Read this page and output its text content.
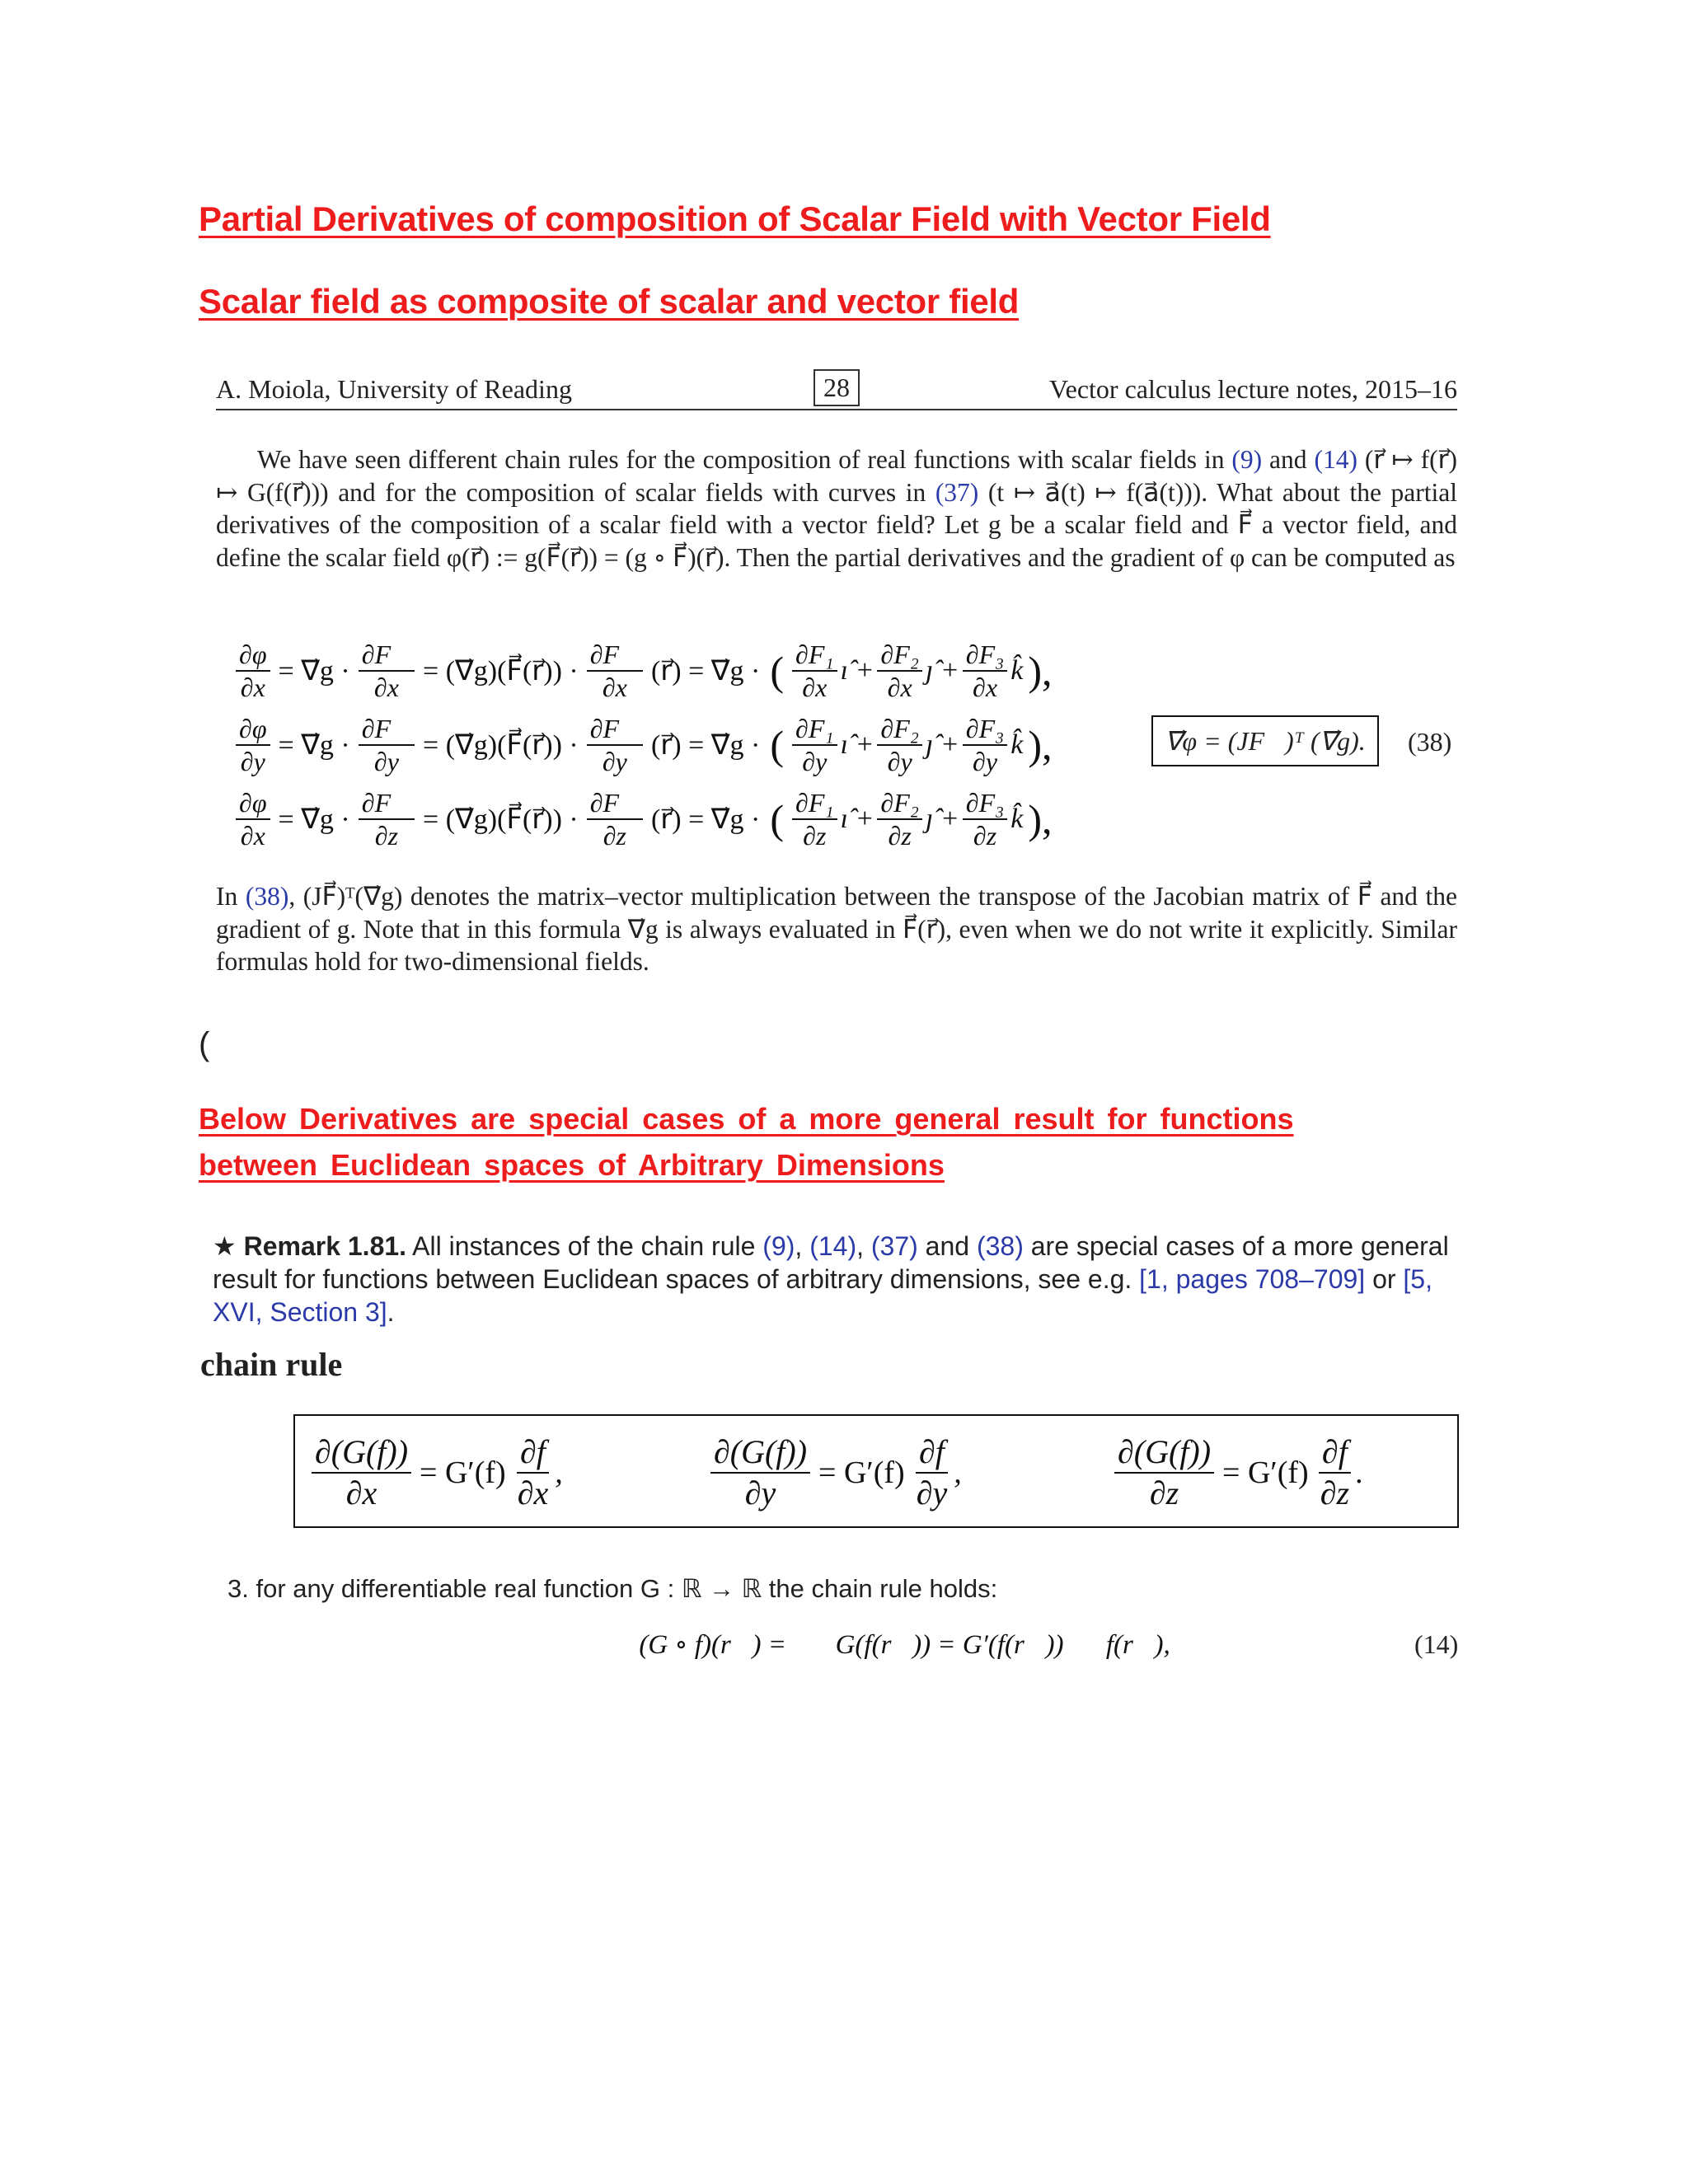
Partial Derivatives of composition of Scalar Field with Vector Field
Scalar field as composite of scalar and vector field
A. Moiola, University of Reading	28	Vector calculus lecture notes, 2015–16
We have seen different chain rules for the composition of real functions with scalar fields in (9) and (14) (r⃗ ↦ f(r⃗) ↦ G(f(r⃗))) and for the composition of scalar fields with curves in (37) (t ↦ a⃗(t) ↦ f(a⃗(t))). What about the partial derivatives of the composition of a scalar field with a vector field? Let g be a scalar field and F⃗ a vector field, and define the scalar field φ(r⃗) := g(F⃗(r⃗)) = (g ∘ F⃗)(r⃗). Then the partial derivatives and the gradient of φ can be computed as
$\frac{\partial\varphi}{\partial x}$ = ∇⃗g · $\frac{\partial F⃗}{\partial x}$ = (∇⃗g)(F⃗(r⃗)) · $\frac{\partial F⃗}{\partial x}$ (r⃗) = ∇⃗g · ( $\frac{\text{∂F₁}}{\partial x}$ ı̂ + $\frac{\text{∂F₂}}{\partial x}$ ȷ̂ + $\frac{\text{∂F₃}}{\partial x}$ k̂ ),
$\frac{\partial\varphi}{\partial y}$ = ∇⃗g · $\frac{\partial F⃗}{\partial y}$ = (∇⃗g)(F⃗(r⃗)) · $\frac{\partial F⃗}{\partial y}$ (r⃗) = ∇⃗g · ( $\frac{\text{∂F₁}}{\partial y}$ ı̂ + $\frac{\text{∂F₂}}{\partial y}$ ȷ̂ + $\frac{\text{∂F₃}}{\partial y}$ k̂ ),
$\frac{\partial\varphi}{\partial x}$ = ∇⃗g · $\frac{\partial F⃗}{\partial z}$ = (∇⃗g)(F⃗(r⃗)) · $\frac{\partial F⃗}{\partial z}$ (r⃗) = ∇⃗g · ( $\frac{\text{∂F₁}}{\partial z}$ ı̂ + $\frac{\text{∂F₂}}{\partial z}$ ȷ̂ + $\frac{\text{∂F₃}}{\partial z}$ k̂ ),
∇⃗φ = (JF⃗)ᵀ (∇⃗g).	(38)
In (38), (JF⃗)ᵀ(∇⃗g) denotes the matrix–vector multiplication between the transpose of the Jacobian matrix of F⃗ and the gradient of g. Note that in this formula ∇⃗g is always evaluated in F⃗(r⃗), even when we do not write it explicitly. Similar formulas hold for two-dimensional fields.
(
Below Derivatives are special cases of a more general result for functions
between Euclidean spaces of Arbitrary Dimensions
★ Remark 1.81. All instances of the chain rule (9), (14), (37) and (38) are special cases of a more general result for functions between Euclidean spaces of arbitrary dimensions, see e.g. [1, pages 708–709] or [5, XVI, Section 3].
chain rule
$\frac{\partial(G(f))}{\partial x} = G'(f) \frac{\partial f}{\partial x}$ ,	$\frac{\partial(G(f))}{\partial y} = G'(f) \frac{\partial f}{\partial y}$ ,	$\frac{\partial(G(f))}{\partial z} = G'(f) \frac{\partial f}{\partial z}$ .
3. for any differentiable real function G : ℝ → ℝ the chain rule holds:
∇⃗(G ∘ f)(r⃗) = ∇⃗G(f(r⃗)) = G′(f(r⃗))∇⃗f(r⃗),	(14)
